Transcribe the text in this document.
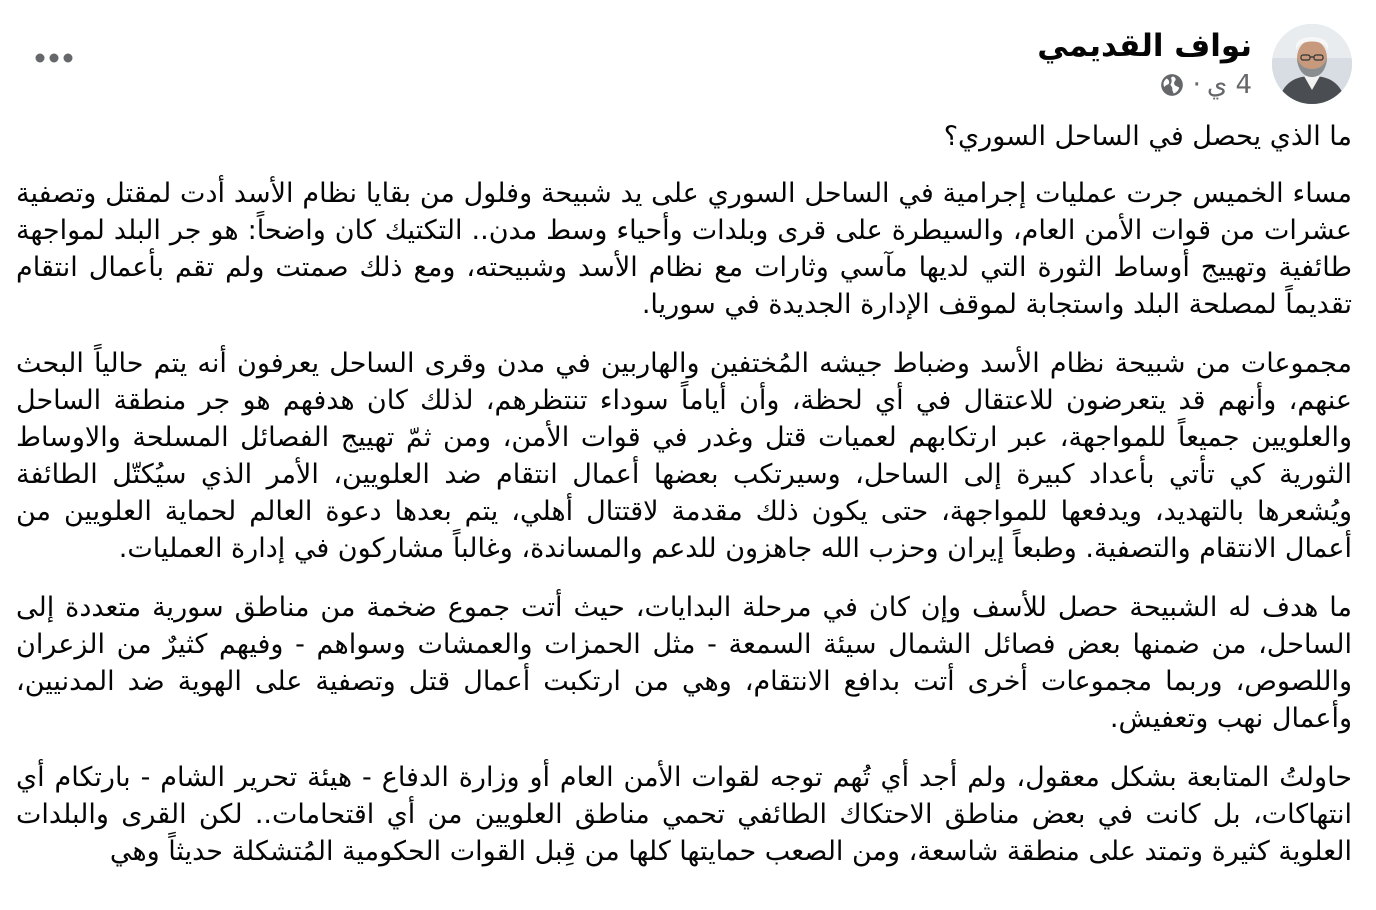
نواف القديمي
4 ي
·

ما الذي يحصل في الساحل السوري؟

مساء الخميس جرت عمليات إجرامية في الساحل السوري على يد شبيحة وفلول من بقايا نظام الأسد أدت لمقتل وتصفية عشرات من قوات الأمن العام، والسيطرة على قرى وبلدات وأحياء وسط مدن.. التكتيك كان واضحاً: هو جر البلد لمواجهة طائفية وتهييج أوساط الثورة التي لديها مآسي وثارات مع نظام الأسد وشبيحته، ومع ذلك صمتت ولم تقم بأعمال انتقام تقديماً لمصلحة البلد واستجابة لموقف الإدارة الجديدة في سوريا.

مجموعات من شبيحة نظام الأسد وضباط جيشه المُختفين والهاربين في مدن وقرى الساحل يعرفون أنه يتم حالياً البحث عنهم، وأنهم قد يتعرضون للاعتقال في أي لحظة، وأن أياماً سوداء تنتظرهم، لذلك كان هدفهم هو جر منطقة الساحل والعلويين جميعاً للمواجهة، عبر ارتكابهم لعميات قتل وغدر في قوات الأمن، ومن ثمّ تهييج الفصائل المسلحة والاوساط الثورية كي تأتي بأعداد كبيرة إلى الساحل، وسيرتكب بعضها أعمال انتقام ضد العلويين، الأمر الذي سيُكتّل الطائفة ويُشعرها بالتهديد، ويدفعها للمواجهة، حتى يكون ذلك مقدمة لاقتتال أهلي، يتم بعدها دعوة العالم لحماية العلويين من أعمال الانتقام والتصفية. وطبعاً إيران وحزب الله جاهزون للدعم والمساندة، وغالباً مشاركون في إدارة العمليات.

ما هدف له الشبيحة حصل للأسف وإن كان في مرحلة البدايات، حيث أتت جموع ضخمة من مناطق سورية متعددة إلى الساحل، من ضمنها بعض فصائل الشمال سيئة السمعة - مثل الحمزات والعمشات وسواهم - وفيهم كثيرٌ من الزعران واللصوص، وربما مجموعات أخرى أتت بدافع الانتقام، وهي من ارتكبت أعمال قتل وتصفية على الهوية ضد المدنيين، وأعمال نهب وتعفيش.

حاولتُ المتابعة بشكل معقول، ولم أجد أي تُهم توجه لقوات الأمن العام أو وزارة الدفاع - هيئة تحرير الشام - بارتكام أي انتهاكات، بل كانت في بعض مناطق الاحتكاك الطائفي تحمي مناطق العلويين من أي اقتحامات.. لكن القرى والبلدات العلوية كثيرة وتمتد على منطقة شاسعة، ومن الصعب حمايتها كلها من قِبل القوات الحكومية المُتشكلة حديثاً وهي
